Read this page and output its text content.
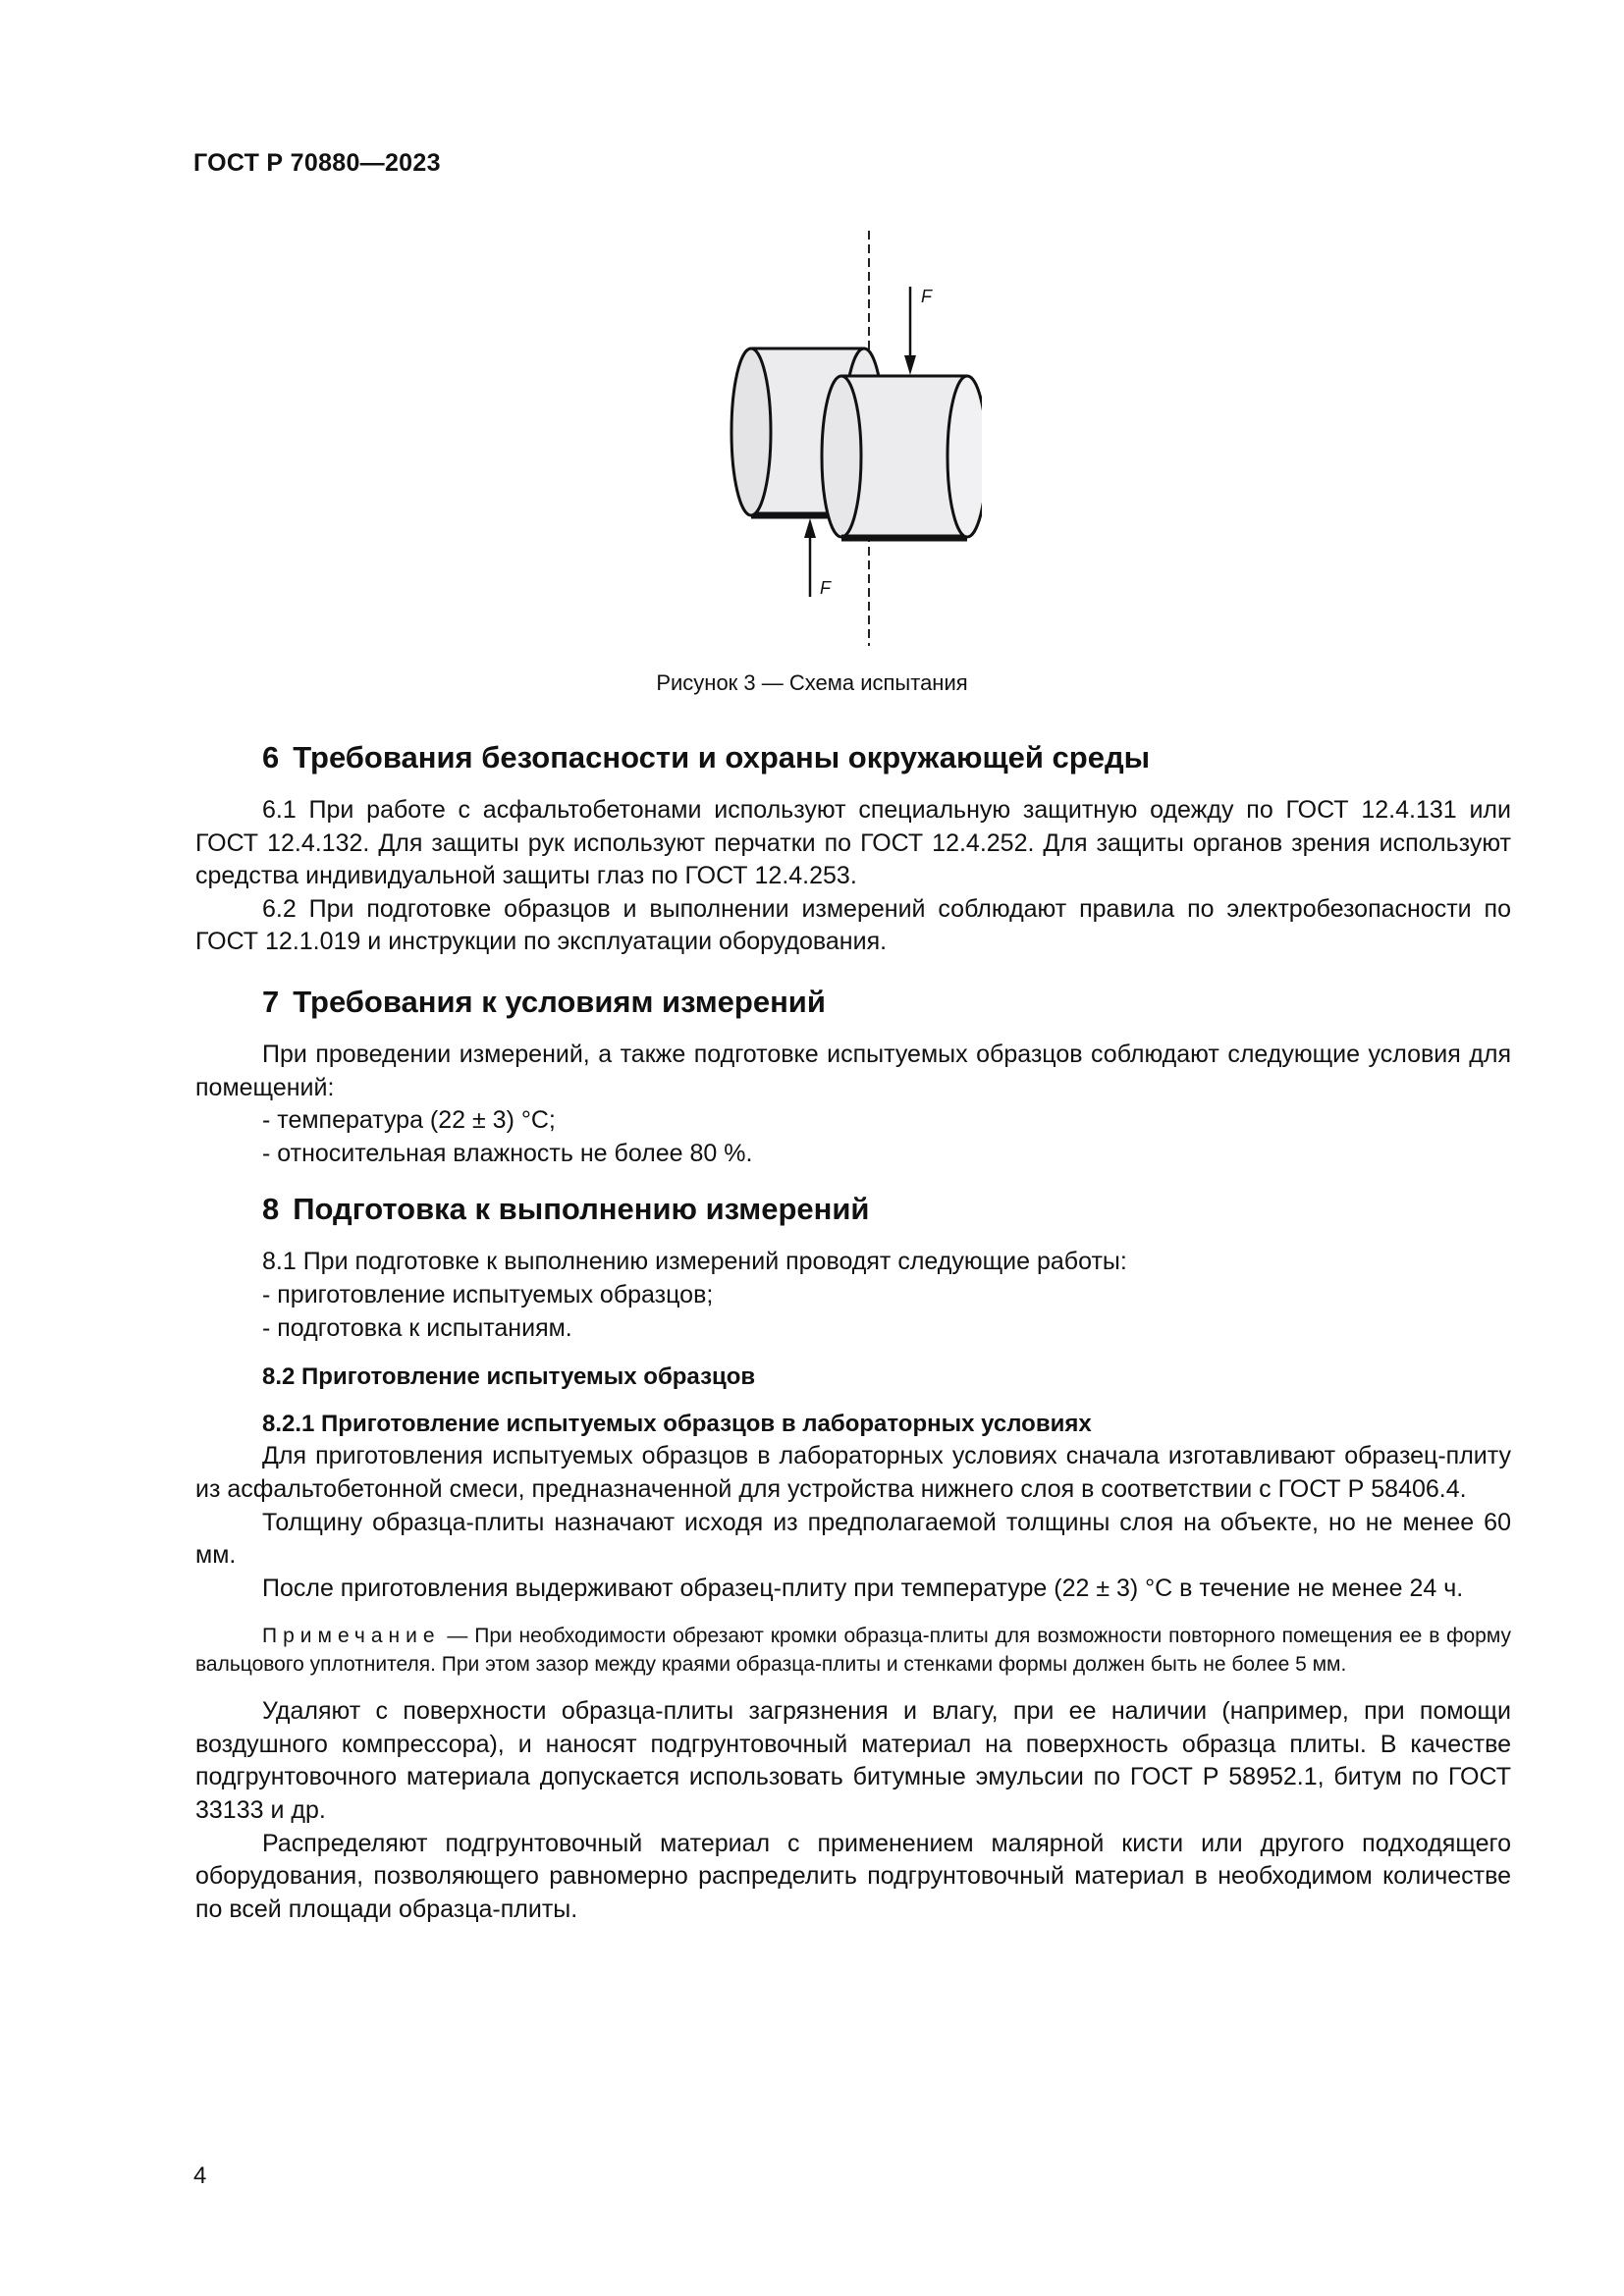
ГОСТ Р 70880—2023
F
F
Рисунок 3 — Схема испытания
6 Требования безопасности и охраны окружающей среды

6.1 При работе с асфальтобетонами используют специальную защитную одежду по ГОСТ 12.4.131 или ГОСТ 12.4.132. Для защиты рук используют перчатки по ГОСТ 12.4.252. Для защиты органов зрения используют средства индивидуальной защиты глаз по ГОСТ 12.4.253.

6.2 При подготовке образцов и выполнении измерений соблюдают правила по электробезопасности по ГОСТ 12.1.019 и инструкции по эксплуатации оборудования.

7 Требования к условиям измерений

При проведении измерений, а также подготовке испытуемых образцов соблюдают следующие условия для помещений:

- температура (22 ± 3) °С;

- относительная влажность не более 80 %.

8 Подготовка к выполнению измерений

8.1 При подготовке к выполнению измерений проводят следующие работы:

- приготовление испытуемых образцов;

- подготовка к испытаниям.

8.2 Приготовление испытуемых образцов

8.2.1 Приготовление испытуемых образцов в лабораторных условиях

Для приготовления испытуемых образцов в лабораторных условиях сначала изготавливают образец-плиту из асфальтобетонной смеси, предназначенной для устройства нижнего слоя в соответствии с ГОСТ Р 58406.4.

Толщину образца-плиты назначают исходя из предполагаемой толщины слоя на объекте, но не менее 60 мм.

После приготовления выдерживают образец-плиту при температуре (22 ± 3) °С в течение не менее 24 ч.

Примечание — При необходимости обрезают кромки образца-плиты для возможности повторного помещения ее в форму вальцового уплотнителя. При этом зазор между краями образца-плиты и стенками формы должен быть не более 5 мм.

Удаляют с поверхности образца-плиты загрязнения и влагу, при ее наличии (например, при помощи воздушного компрессора), и наносят подгрунтовочный материал на поверхность образца плиты. В качестве подгрунтовочного материала допускается использовать битумные эмульсии по ГОСТ Р 58952.1, битум по ГОСТ 33133 и др.

Распределяют подгрунтовочный материал с применением малярной кисти или другого подходящего оборудования, позволяющего равномерно распределить подгрунтовочный материал в необходимом количестве по всей площади образца-плиты.

4
